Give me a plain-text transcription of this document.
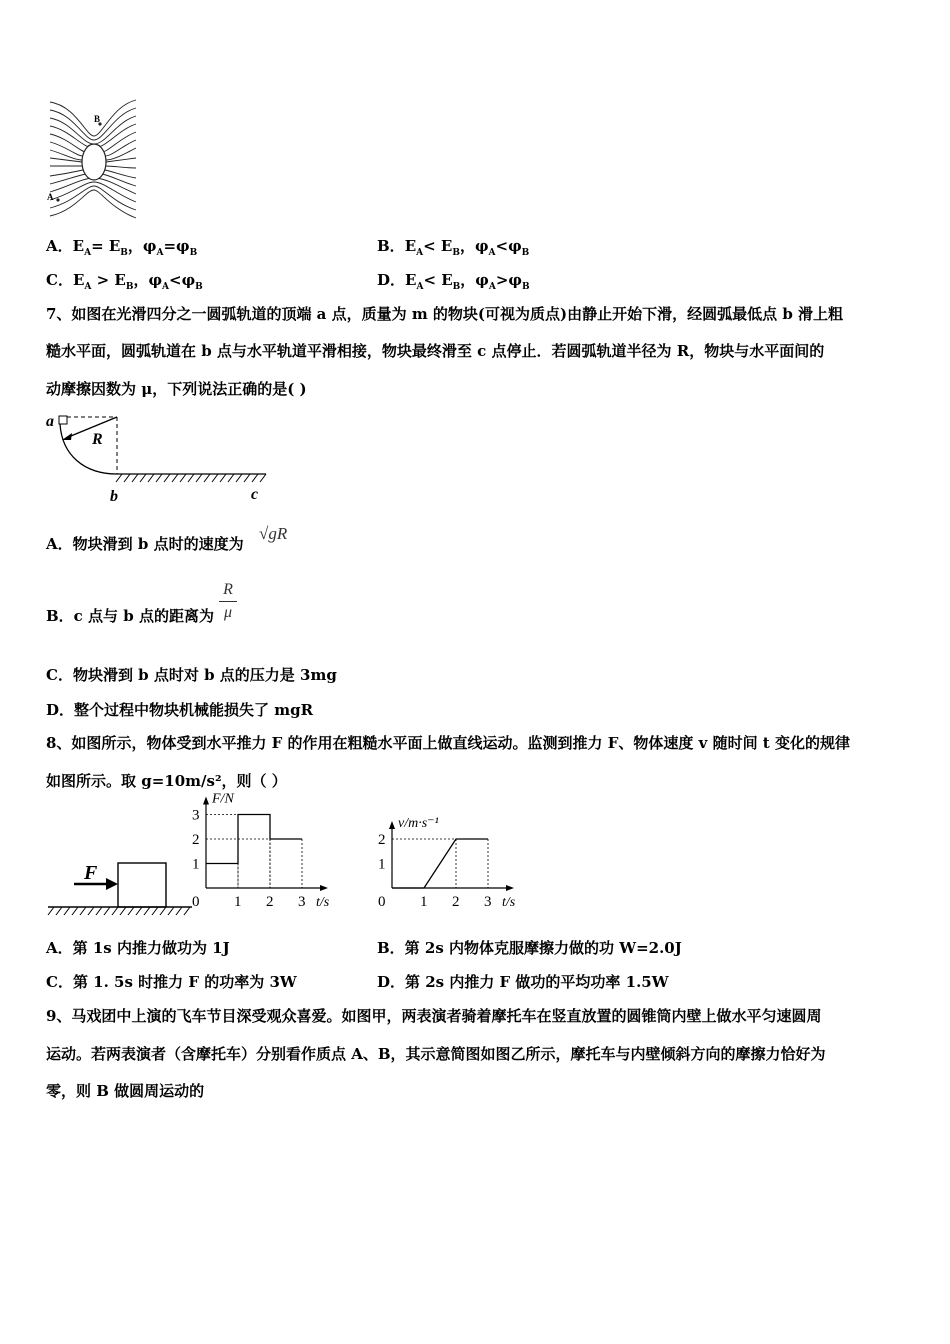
B
A
A．$E_A= E_B$，$\varphi_A=\varphi_B$	B．$E_A< E_B$，$\varphi_A<\varphi_B$
C．$E_A > E_B$，$\varphi_A<\varphi_B$	D．$E_A< E_B$，$\varphi_A>\varphi_B$
7、如图在光滑四分之一圆弧轨道的顶端 a 点，质量为 m 的物块(可视为质点)由静止开始下滑，经圆弧最低点 b 滑上粗
糙水平面，圆弧轨道在 b 点与水平轨道平滑相接，物块最终滑至 c 点停止．若圆弧轨道半径为 R，物块与水平面间的
动摩擦因数为 μ，下列说法正确的是( )
a
R
b	c
A．物块滑到 b 点时的速度为
√gR
B．c 点与 b 点的距离为
R
μ
C．物块滑到 b 点时对 b 点的压力是 3mg
D．整个过程中物块机械能损失了 mgR
8、如图所示，物体受到水平推力 F 的作用在粗糙水平面上做直线运动。监测到推力 F、物体速度 v 随时间 t 变化的规律
如图所示。取 g=10m/s²，则（ ）
F
F/N
t/s
0 1 2 3
1
2
3	v/m·s⁻¹
t/s
0 1 2 3
1
2
A．第 1s 内推力做功为 1J	B．第 2s 内物体克服摩擦力做的功 W=2.0J
C．第 1. 5s 时推力 F 的功率为 3W	D．第 2s 内推力 F 做功的平均功率 1.5W
9、马戏团中上演的飞车节目深受观众喜爱。如图甲，两表演者骑着摩托车在竖直放置的圆锥筒内壁上做水平匀速圆周
运动。若两表演者（含摩托车）分别看作质点 A、B，其示意简图如图乙所示，摩托车与内壁倾斜方向的摩擦力恰好为
零，则 B 做圆周运动的
